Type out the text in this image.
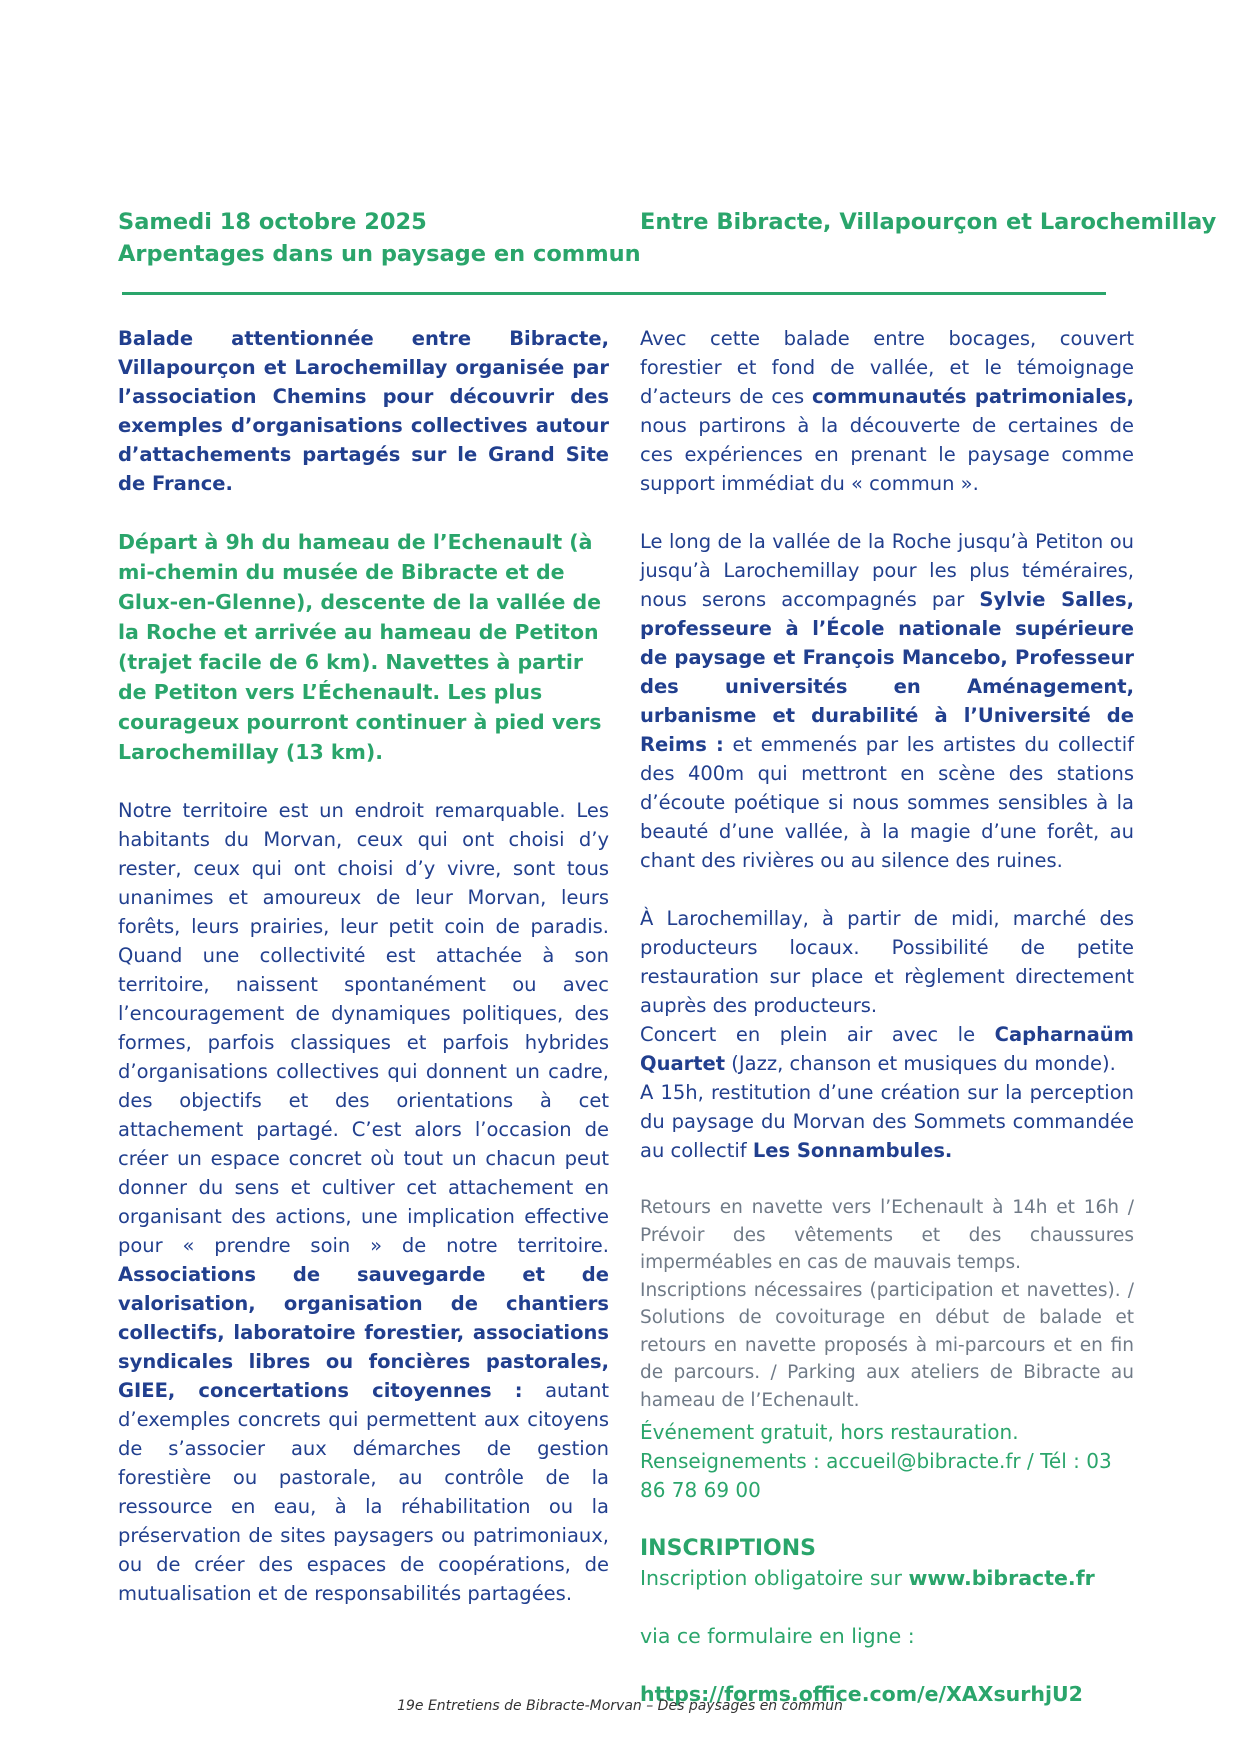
Samedi 18 octobre 2025
Arpentages dans un paysage en commun
Entre Bibracte, Villapourçon et Larochemillay

Balade attentionnée entre Bibracte, Villapourçon et Larochemillay organisée par l’association Chemins pour découvrir des exemples d’organisations collectives autour d’attachements partagés sur le Grand Site de France.

Départ à 9h du hameau de l’Echenault (à mi-chemin du musée de Bibracte et de Glux-en-Glenne), descente de la vallée de la Roche et arrivée au hameau de Petiton (trajet facile de 6 km). Navettes à partir de Petiton vers L’Échenault. Les plus courageux pourront continuer à pied vers Larochemillay (13 km).

Notre territoire est un endroit remarquable. Les habitants du Morvan, ceux qui ont choisi d’y rester, ceux qui ont choisi d’y vivre, sont tous unanimes et amoureux de leur Morvan, leurs forêts, leurs prairies, leur petit coin de paradis. Quand une collectivité est attachée à son territoire, naissent spontanément ou avec l’encouragement de dynamiques politiques, des formes, parfois classiques et parfois hybrides d’organisations collectives qui donnent un cadre, des objectifs et des orientations à cet attachement partagé. C’est alors l’occasion de créer un espace concret où tout un chacun peut donner du sens et cultiver cet attachement en organisant des actions, une implication effective pour « prendre soin » de notre territoire. Associations de sauvegarde et de valorisation, organisation de chantiers collectifs, laboratoire forestier, associations syndicales libres ou foncières pastorales, GIEE, concertations citoyennes : autant d’exemples concrets qui permettent aux citoyens de s’associer aux démarches de gestion forestière ou pastorale, au contrôle de la ressource en eau, à la réhabilitation ou la préservation de sites paysagers ou patrimoniaux, ou de créer des espaces de coopérations, de mutualisation et de responsabilités partagées.

Avec cette balade entre bocages, couvert forestier et fond de vallée, et le témoignage d’acteurs de ces communautés patrimoniales, nous partirons à la découverte de certaines de ces expériences en prenant le paysage comme support immédiat du « commun ».

Le long de la vallée de la Roche jusqu’à Petiton ou jusqu’à Larochemillay pour les plus téméraires, nous serons accompagnés par Sylvie Salles, professeure à l’École nationale supérieure de paysage et François Mancebo, Professeur des universités en Aménagement, urbanisme et durabilité à l’Université de Reims : et emmenés par les artistes du collectif des 400m qui mettront en scène des stations d’écoute poétique si nous sommes sensibles à la beauté d’une vallée, à la magie d’une forêt, au chant des rivières ou au silence des ruines.

À Larochemillay, à partir de midi, marché des producteurs locaux. Possibilité de petite restauration sur place et règlement directement auprès des producteurs.

Concert en plein air avec le Capharnaüm Quartet (Jazz, chanson et musiques du monde).

A 15h, restitution d’une création sur la perception du paysage du Morvan des Sommets commandée au collectif Les Sonnambules.

Retours en navette vers l’Echenault à 14h et 16h / Prévoir des vêtements et des chaussures imperméables en cas de mauvais temps.

Inscriptions nécessaires (participation et navettes). / Solutions de covoiturage en début de balade et retours en navette proposés à mi-parcours et en fin de parcours. / Parking aux ateliers de Bibracte au hameau de l’Echenault.

Événement gratuit, hors restauration.

Renseignements : accueil@bibracte.fr / Tél : 03 86 78 69 00

INSCRIPTIONS

Inscription obligatoire sur www.bibracte.fr

via ce formulaire en ligne :

https://forms.office.com/e/XAXsurhjU2

19e Entretiens de Bibracte-Morvan – Des paysages en commun
